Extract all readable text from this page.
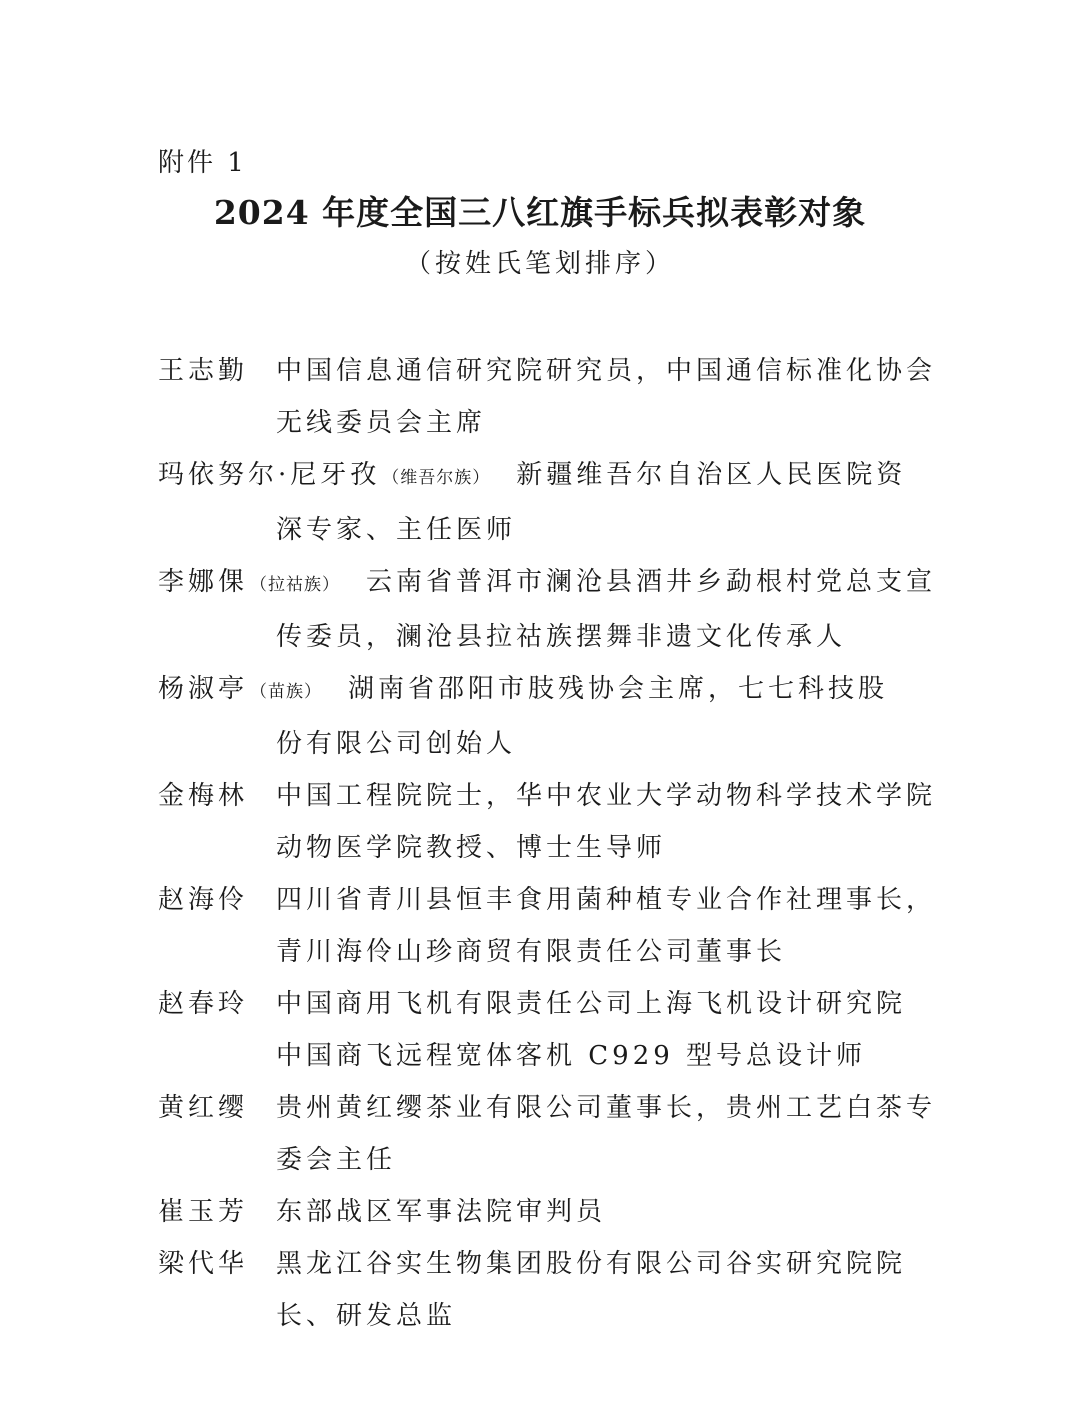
附件 1
2024 年度全国三八红旗手标兵拟表彰对象
（按姓氏笔划排序）
王志勤 中国信息通信研究院研究员，中国通信标准化协会
无线委员会主席
玛依努尔·尼牙孜 （维吾尔族） 新疆维吾尔自治区人民医院资
深专家、主任医师
李娜倮 （拉祜族） 云南省普洱市澜沧县酒井乡勐根村党总支宣
传委员，澜沧县拉祜族摆舞非遗文化传承人
杨淑亭 （苗族） 湖南省邵阳市肢残协会主席，七七科技股
份有限公司创始人
金梅林 中国工程院院士，华中农业大学动物科学技术学院
动物医学院教授、博士生导师
赵海伶 四川省青川县恒丰食用菌种植专业合作社理事长，
青川海伶山珍商贸有限责任公司董事长
赵春玲 中国商用飞机有限责任公司上海飞机设计研究院
中国商飞远程宽体客机 C929 型号总设计师
黄红缨 贵州黄红缨茶业有限公司董事长，贵州工艺白茶专
委会主任
崔玉芳 东部战区军事法院审判员
梁代华 黑龙江谷实生物集团股份有限公司谷实研究院院
长、研发总监
